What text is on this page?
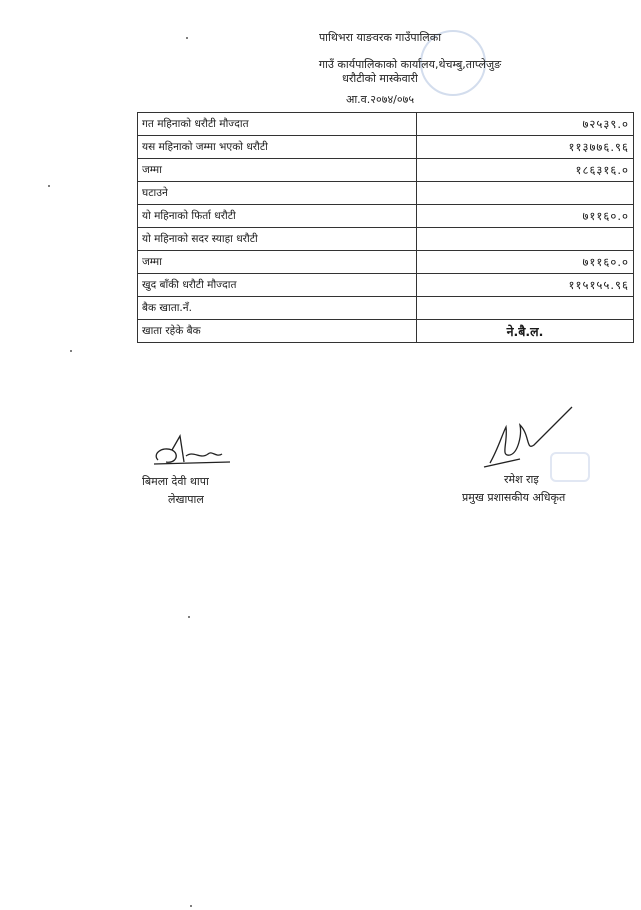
पाथिभरा याङवरक गाउँपालिका
गाउँ कार्यपालिकाको कार्यालय,थेचम्बु,ताप्लेजुङ
धरौटीको मास्केवारी
आ.व.२०७४/०७५
गत महिनाको धरौटी मौज्दात	७२५३९.०
यस महिनाको जम्मा भएको धरौटी	११३७७६.९६
जम्मा	१८६३१६.०
घटाउने	
यो महिनाको फिर्ता धरौटी	७११६०.०
यो महिनाको सदर स्याहा धरौटी	
जम्मा	७११६०.०
खुद बाँकी धरौटी मौज्दात	११५१५५.९६
बैक खाता.नँ.	
खाता रहेके बैक	ने.बै.ल.
बिमला देवी थापा
लेखापाल
रमेश राइ
प्रमुख प्रशासकीय अधिकृत
